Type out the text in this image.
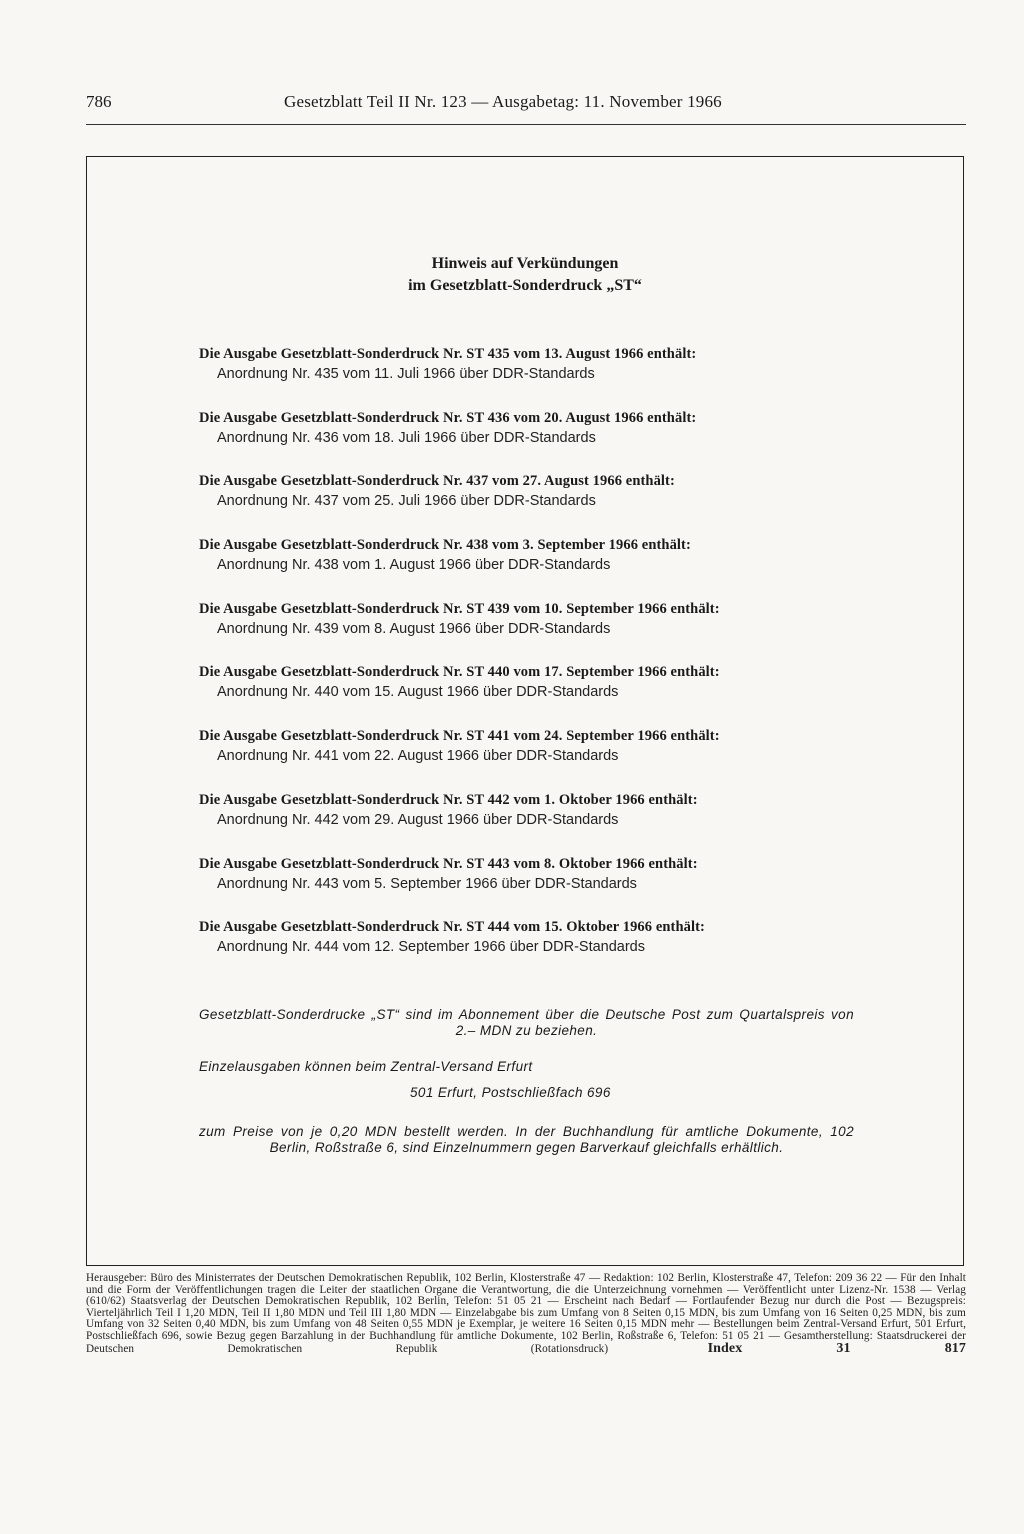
786	Gesetzblatt Teil II Nr. 123 — Ausgabetag: 11. November 1966
Hinweis auf Verkündungen
im Gesetzblatt-Sonderdruck „ST“
Die Ausgabe Gesetzblatt-Sonderdruck Nr. ST 435 vom 13. August 1966 enthält:
Anordnung Nr. 435 vom 11. Juli 1966 über DDR-Standards
Die Ausgabe Gesetzblatt-Sonderdruck Nr. ST 436 vom 20. August 1966 enthält:
Anordnung Nr. 436 vom 18. Juli 1966 über DDR-Standards
Die Ausgabe Gesetzblatt-Sonderdruck Nr. 437 vom 27. August 1966 enthält:
Anordnung Nr. 437 vom 25. Juli 1966 über DDR-Standards
Die Ausgabe Gesetzblatt-Sonderdruck Nr. 438 vom 3. September 1966 enthält:
Anordnung Nr. 438 vom 1. August 1966 über DDR-Standards
Die Ausgabe Gesetzblatt-Sonderdruck Nr. ST 439 vom 10. September 1966 enthält:
Anordnung Nr. 439 vom 8. August 1966 über DDR-Standards
Die Ausgabe Gesetzblatt-Sonderdruck Nr. ST 440 vom 17. September 1966 enthält:
Anordnung Nr. 440 vom 15. August 1966 über DDR-Standards
Die Ausgabe Gesetzblatt-Sonderdruck Nr. ST 441 vom 24. September 1966 enthält:
Anordnung Nr. 441 vom 22. August 1966 über DDR-Standards
Die Ausgabe Gesetzblatt-Sonderdruck Nr. ST 442 vom 1. Oktober 1966 enthält:
Anordnung Nr. 442 vom 29. August 1966 über DDR-Standards
Die Ausgabe Gesetzblatt-Sonderdruck Nr. ST 443 vom 8. Oktober 1966 enthält:
Anordnung Nr. 443 vom 5. September 1966 über DDR-Standards
Die Ausgabe Gesetzblatt-Sonderdruck Nr. ST 444 vom 15. Oktober 1966 enthält:
Anordnung Nr. 444 vom 12. September 1966 über DDR-Standards
Gesetzblatt-Sonderdrucke „ST“ sind im Abonnement über die Deutsche Post zum Quartalspreis von 2.– MDN zu beziehen.
Einzelausgaben können beim Zentral-Versand Erfurt
501 Erfurt, Postschließfach 696
zum Preise von je 0,20 MDN bestellt werden. In der Buchhandlung für amtliche Dokumente, 102 Berlin, Roßstraße 6, sind Einzelnummern gegen Barverkauf gleichfalls erhältlich.
Herausgeber: Büro des Ministerrates der Deutschen Demokratischen Republik, 102 Berlin, Klosterstraße 47 — Redaktion: 102 Berlin, Klosterstraße 47, Telefon: 209 36 22 — Für den Inhalt und die Form der Veröffentlichungen tragen die Leiter der staatlichen Organe die Verantwortung, die die Unterzeichnung vornehmen — Veröffentlicht unter Lizenz-Nr. 1538 — Verlag (610/62) Staatsverlag der Deutschen Demokratischen Republik, 102 Berlin, Telefon: 51 05 21 — Erscheint nach Bedarf — Fortlaufender Bezug nur durch die Post — Bezugspreis: Vierteljährlich Teil I 1,20 MDN, Teil II 1,80 MDN und Teil III 1,80 MDN — Einzelabgabe bis zum Umfang von 8 Seiten 0,15 MDN, bis zum Umfang von 16 Seiten 0,25 MDN, bis zum Umfang von 32 Seiten 0,40 MDN, bis zum Umfang von 48 Seiten 0,55 MDN je Exemplar, je weitere 16 Seiten 0,15 MDN mehr — Bestellungen beim Zentral-Versand Erfurt, 501 Erfurt, Postschließfach 696, sowie Bezug gegen Barzahlung in der Buchhandlung für amtliche Dokumente, 102 Berlin, Roßstraße 6, Telefon: 51 05 21 — Gesamtherstellung: Staatsdruckerei der Deutschen Demokratischen Republik (Rotationsdruck)	Index 31 817
